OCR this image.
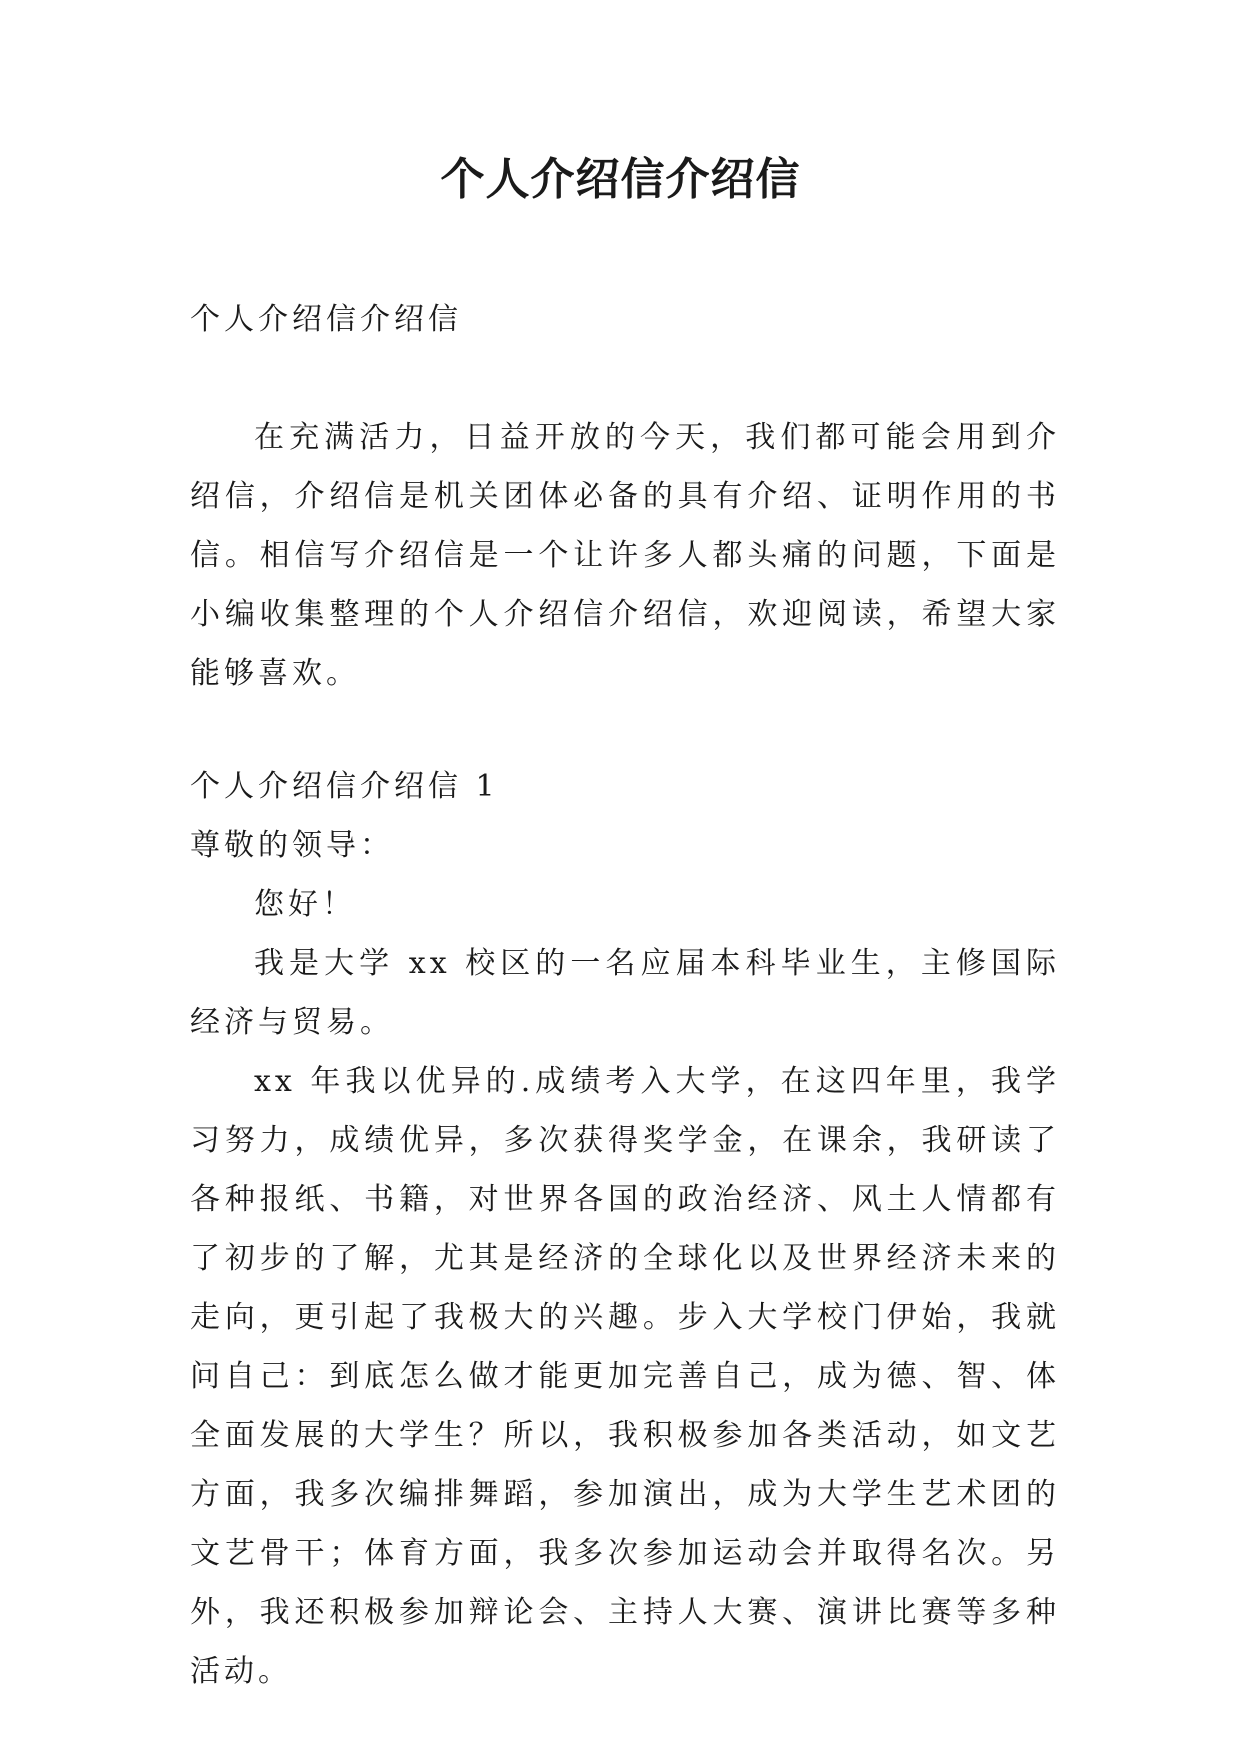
个人介绍信介绍信

个人介绍信介绍信

在充满活力，日益开放的今天，我们都可能会用到介绍信，介绍信是机关团体必备的具有介绍、证明作用的书信。相信写介绍信是一个让许多人都头痛的问题，下面是小编收集整理的个人介绍信介绍信，欢迎阅读，希望大家能够喜欢。

个人介绍信介绍信 1

尊敬的领导：

您好！

我是大学 xx 校区的一名应届本科毕业生，主修国际经济与贸易。

xx 年我以优异的.成绩考入大学，在这四年里，我学习努力，成绩优异，多次获得奖学金，在课余，我研读了各种报纸、书籍，对世界各国的政治经济、风土人情都有了初步的了解，尤其是经济的全球化以及世界经济未来的走向，更引起了我极大的兴趣。步入大学校门伊始，我就问自己：到底怎么做才能更加完善自己，成为德、智、体全面发展的大学生？所以，我积极参加各类活动，如文艺方面，我多次编排舞蹈，参加演出，成为大学生艺术团的文艺骨干；体育方面，我多次参加运动会并取得名次。另外，我还积极参加辩论会、主持人大赛、演讲比赛等多种活动。
